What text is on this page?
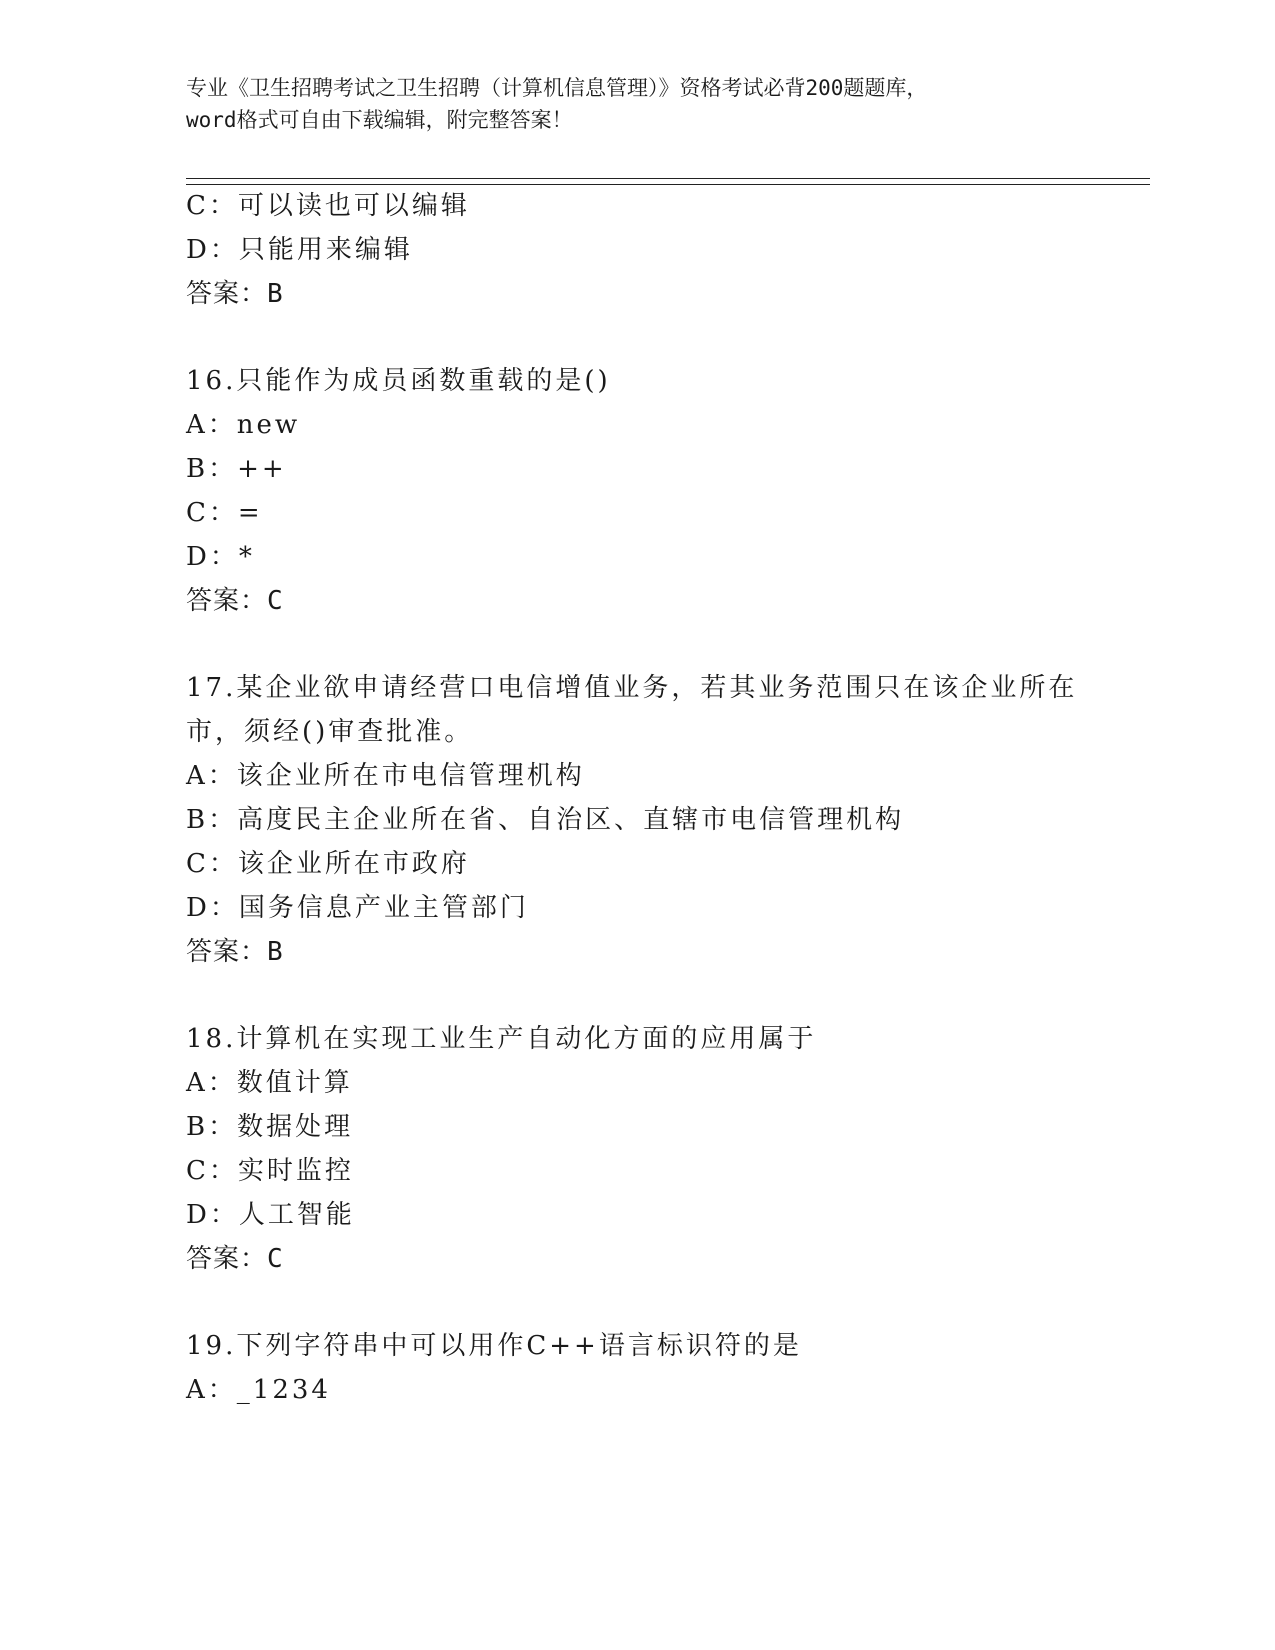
专业《卫生招聘考试之卫生招聘（计算机信息管理）》资格考试必背200题题库，

word格式可自由下载编辑，附完整答案！

C：可以读也可以编辑
D：只能用来编辑
答案：B
16.只能作为成员函数重载的是()
A：new
B：++
C：=
D：*
答案：C
17.某企业欲申请经营口电信增值业务，若其业务范围只在该企业所在
市，须经()审查批准。
A：该企业所在市电信管理机构
B：高度民主企业所在省、自治区、直辖市电信管理机构
C：该企业所在市政府
D：国务信息产业主管部门
答案：B
18.计算机在实现工业生产自动化方面的应用属于
A：数值计算
B：数据处理
C：实时监控
D：人工智能
答案：C
19.下列字符串中可以用作C++语言标识符的是
A：_1234
